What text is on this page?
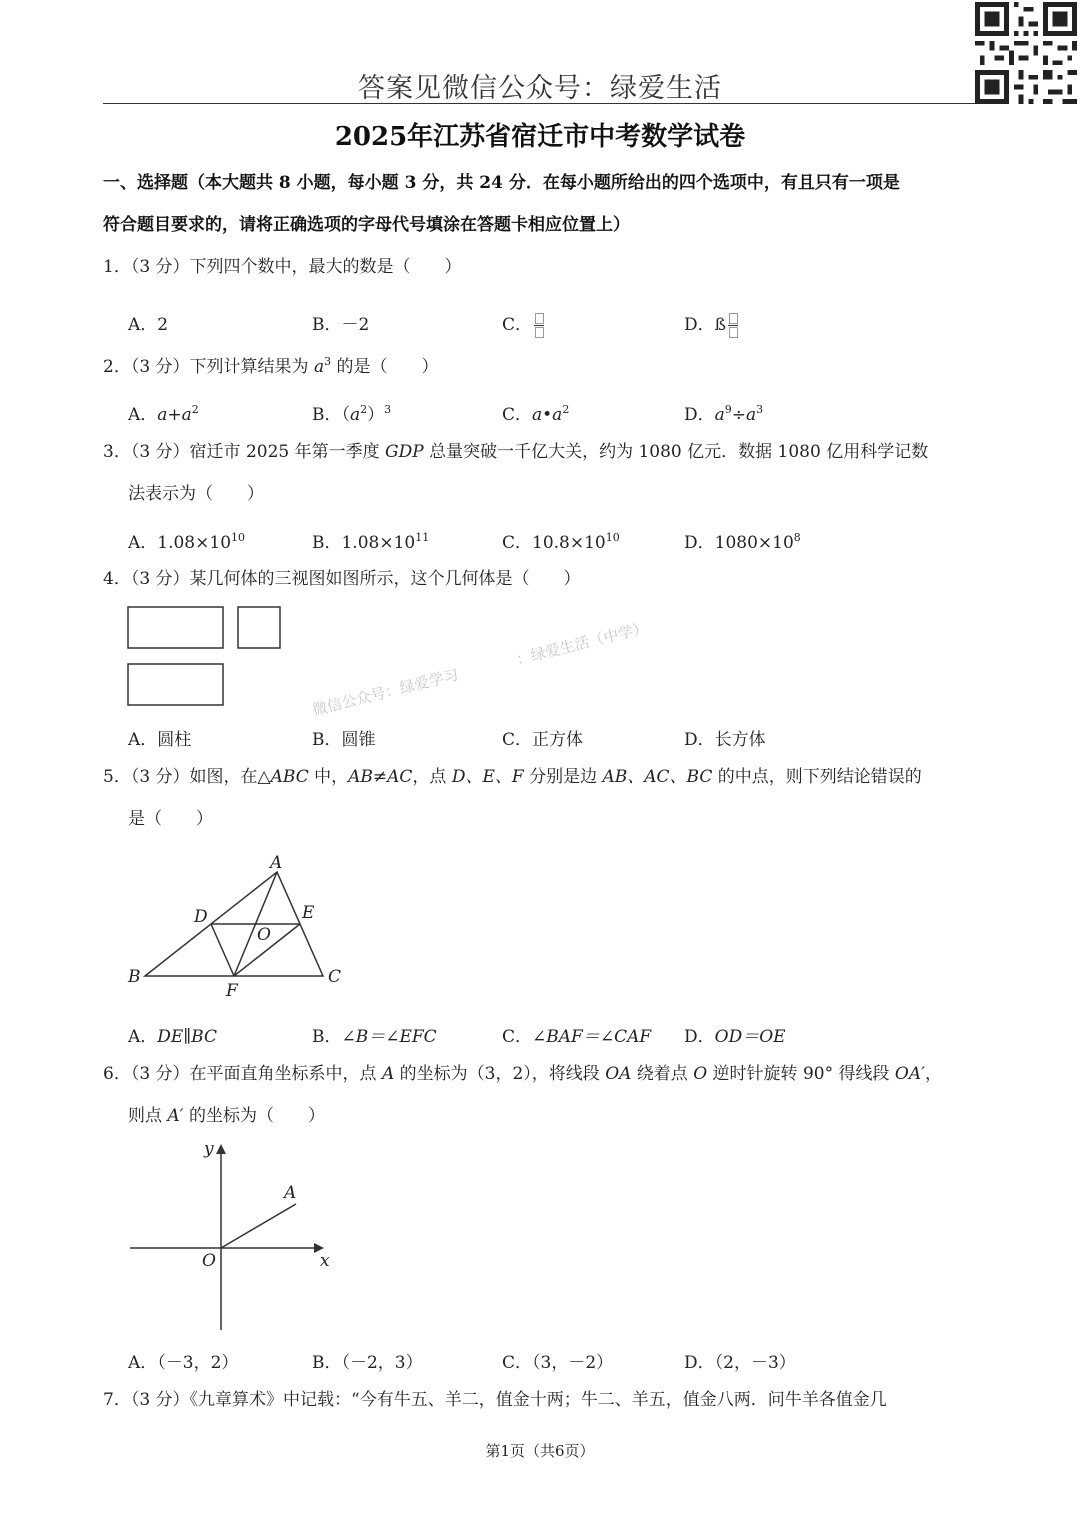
答案见微信公众号：绿爱生活
2025年江苏省宿迁市中考数学试卷
一、选择题（本大题共 8 小题，每小题 3 分，共 24 分．在每小题所给出的四个选项中，有且只有一项是
符合题目要求的，请将正确选项的字母代号填涂在答题卡相应位置上）
1．（3 分）下列四个数中，最大的数是（　　）
A．2	B．－2	C．	D．ß
2．（3 分）下列计算结果为 $a^3$ 的是（　　）
A．$a+a^2$	B．$(a^2)^3$	C．$a•a^2$	D．$a^9\div a^3$
3．（3 分）宿迁市 2025 年第一季度 GDP 总量突破一千亿大关，约为 1080 亿元．数据 1080 亿用科学记数
法表示为（　　）
A．$1.08\times 10^{10}$	B．$1.08\times 10^{11}$	C．$10.8\times 10^{10}$	D．$1080\times 10^8$
4．（3 分）某几何体的三视图如图所示，这个几何体是（　　）
A．圆柱	B．圆锥	C．正方体	D．长方体
微信公众号：绿爱学习　　　　：绿爱生活（中学）
5．（3 分）如图，在△ABC 中，AB≠AC，点 D、E、F 分别是边 AB、AC、BC 的中点，则下列结论错误的
是（　　）
A
B	C
D	E
F
O
A．DE∥BC	B．∠B＝∠EFC	C．∠BAF＝∠CAF D．OD＝OE
6．（3 分）在平面直角坐标系中，点 A 的坐标为（3，2），将线段 OA 绕着点 O 逆时针旋转 90° 得线段 OA′，
则点 A′ 的坐标为（　　）
y
x
O
A
A．（－3，2）	B．（－2，3）	C．（3，－2）	D．（2，－3）
7．（3 分）《九章算术》中记载：“今有牛五、羊二，值金十两；牛二、羊五，值金八两．问牛羊各值金几
第1页（共6页）
